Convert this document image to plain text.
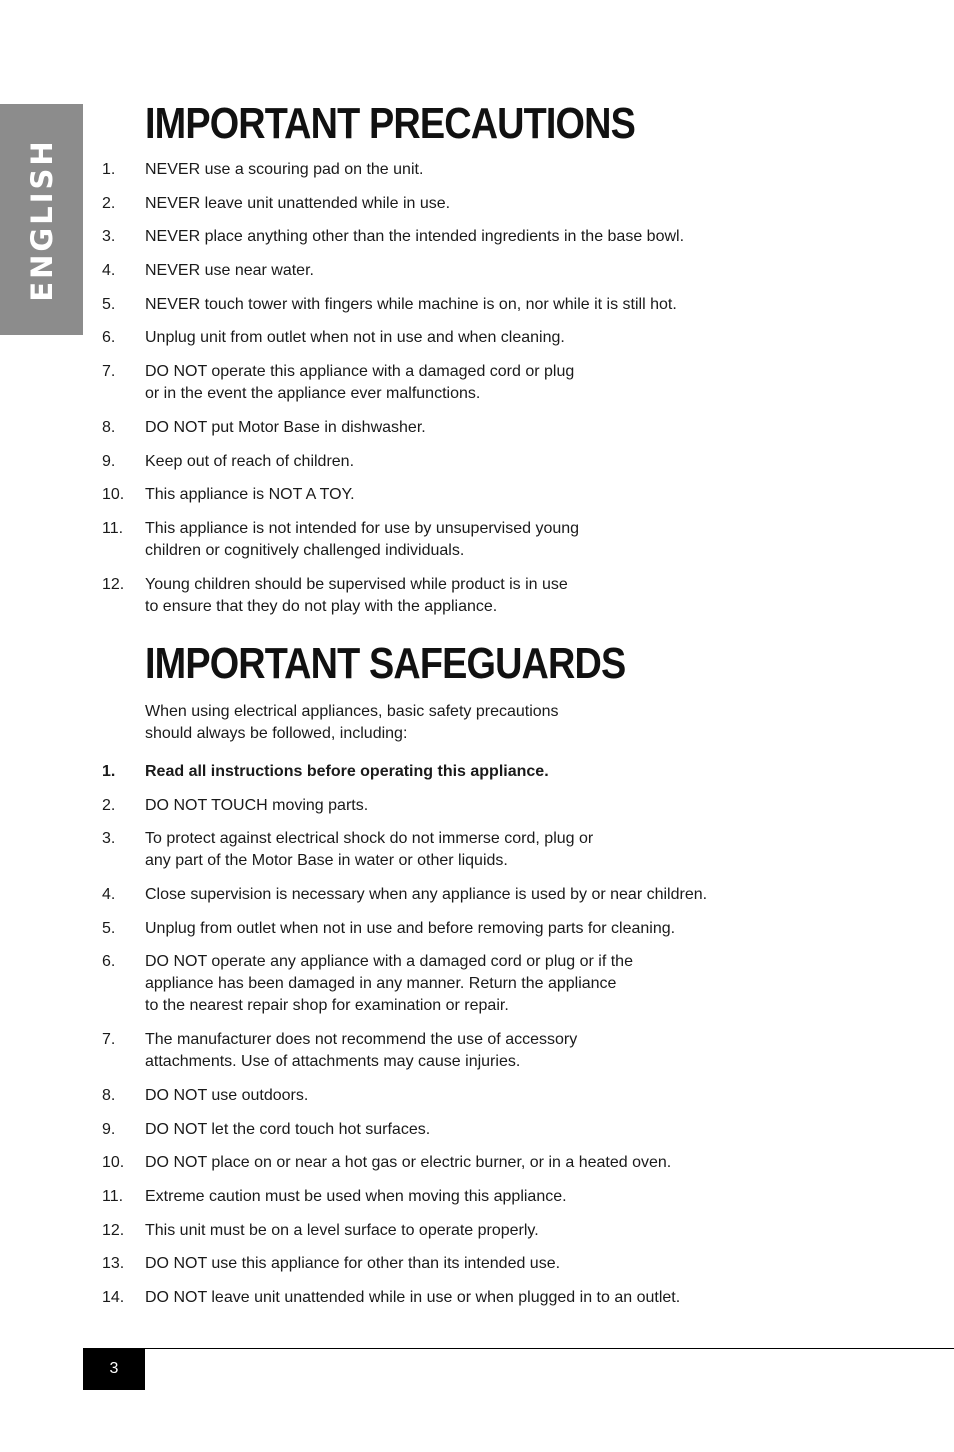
ENGLISH
IMPORTANT PRECAUTIONS
1.	NEVER use a scouring pad on the unit.
2.	NEVER leave unit unattended while in use.
3.	NEVER place anything other than the intended ingredients in the base bowl.
4.	NEVER use near water.
5.	NEVER touch tower with fingers while machine is on, nor while it is still hot.
6.	Unplug unit from outlet when not in use and when cleaning.
7.	DO NOT operate this appliance with a damaged cord or plug
or in the event the appliance ever malfunctions.
8.	DO NOT put Motor Base in dishwasher.
9.	Keep out of reach of children.
10.	This appliance is NOT A TOY.
11.	This appliance is not intended for use by unsupervised young
children or cognitively challenged individuals.
12.	Young children should be supervised while product is in use
to ensure that they do not play with the appliance.
IMPORTANT SAFEGUARDS

When using electrical appliances, basic safety precautions
should always be followed, including:

1.	Read all instructions before operating this appliance.
2.	DO NOT TOUCH moving parts.
3.	To protect against electrical shock do not immerse cord, plug or
any part of the Motor Base in water or other liquids.
4.	Close supervision is necessary when any appliance is used by or near children.
5.	Unplug from outlet when not in use and before removing parts for cleaning.
6.	DO NOT operate any appliance with a damaged cord or plug or if the
appliance has been damaged in any manner. Return the appliance
to the nearest repair shop for examination or repair.
7.	The manufacturer does not recommend the use of accessory
attachments. Use of attachments may cause injuries.
8.	DO NOT use outdoors.
9.	DO NOT let the cord touch hot surfaces.
10.	DO NOT place on or near a hot gas or electric burner, or in a heated oven.
11.	Extreme caution must be used when moving this appliance.
12.	This unit must be on a level surface to operate properly.
13.	DO NOT use this appliance for other than its intended use.
14.	DO NOT leave unit unattended while in use or when plugged in to an outlet.
3
